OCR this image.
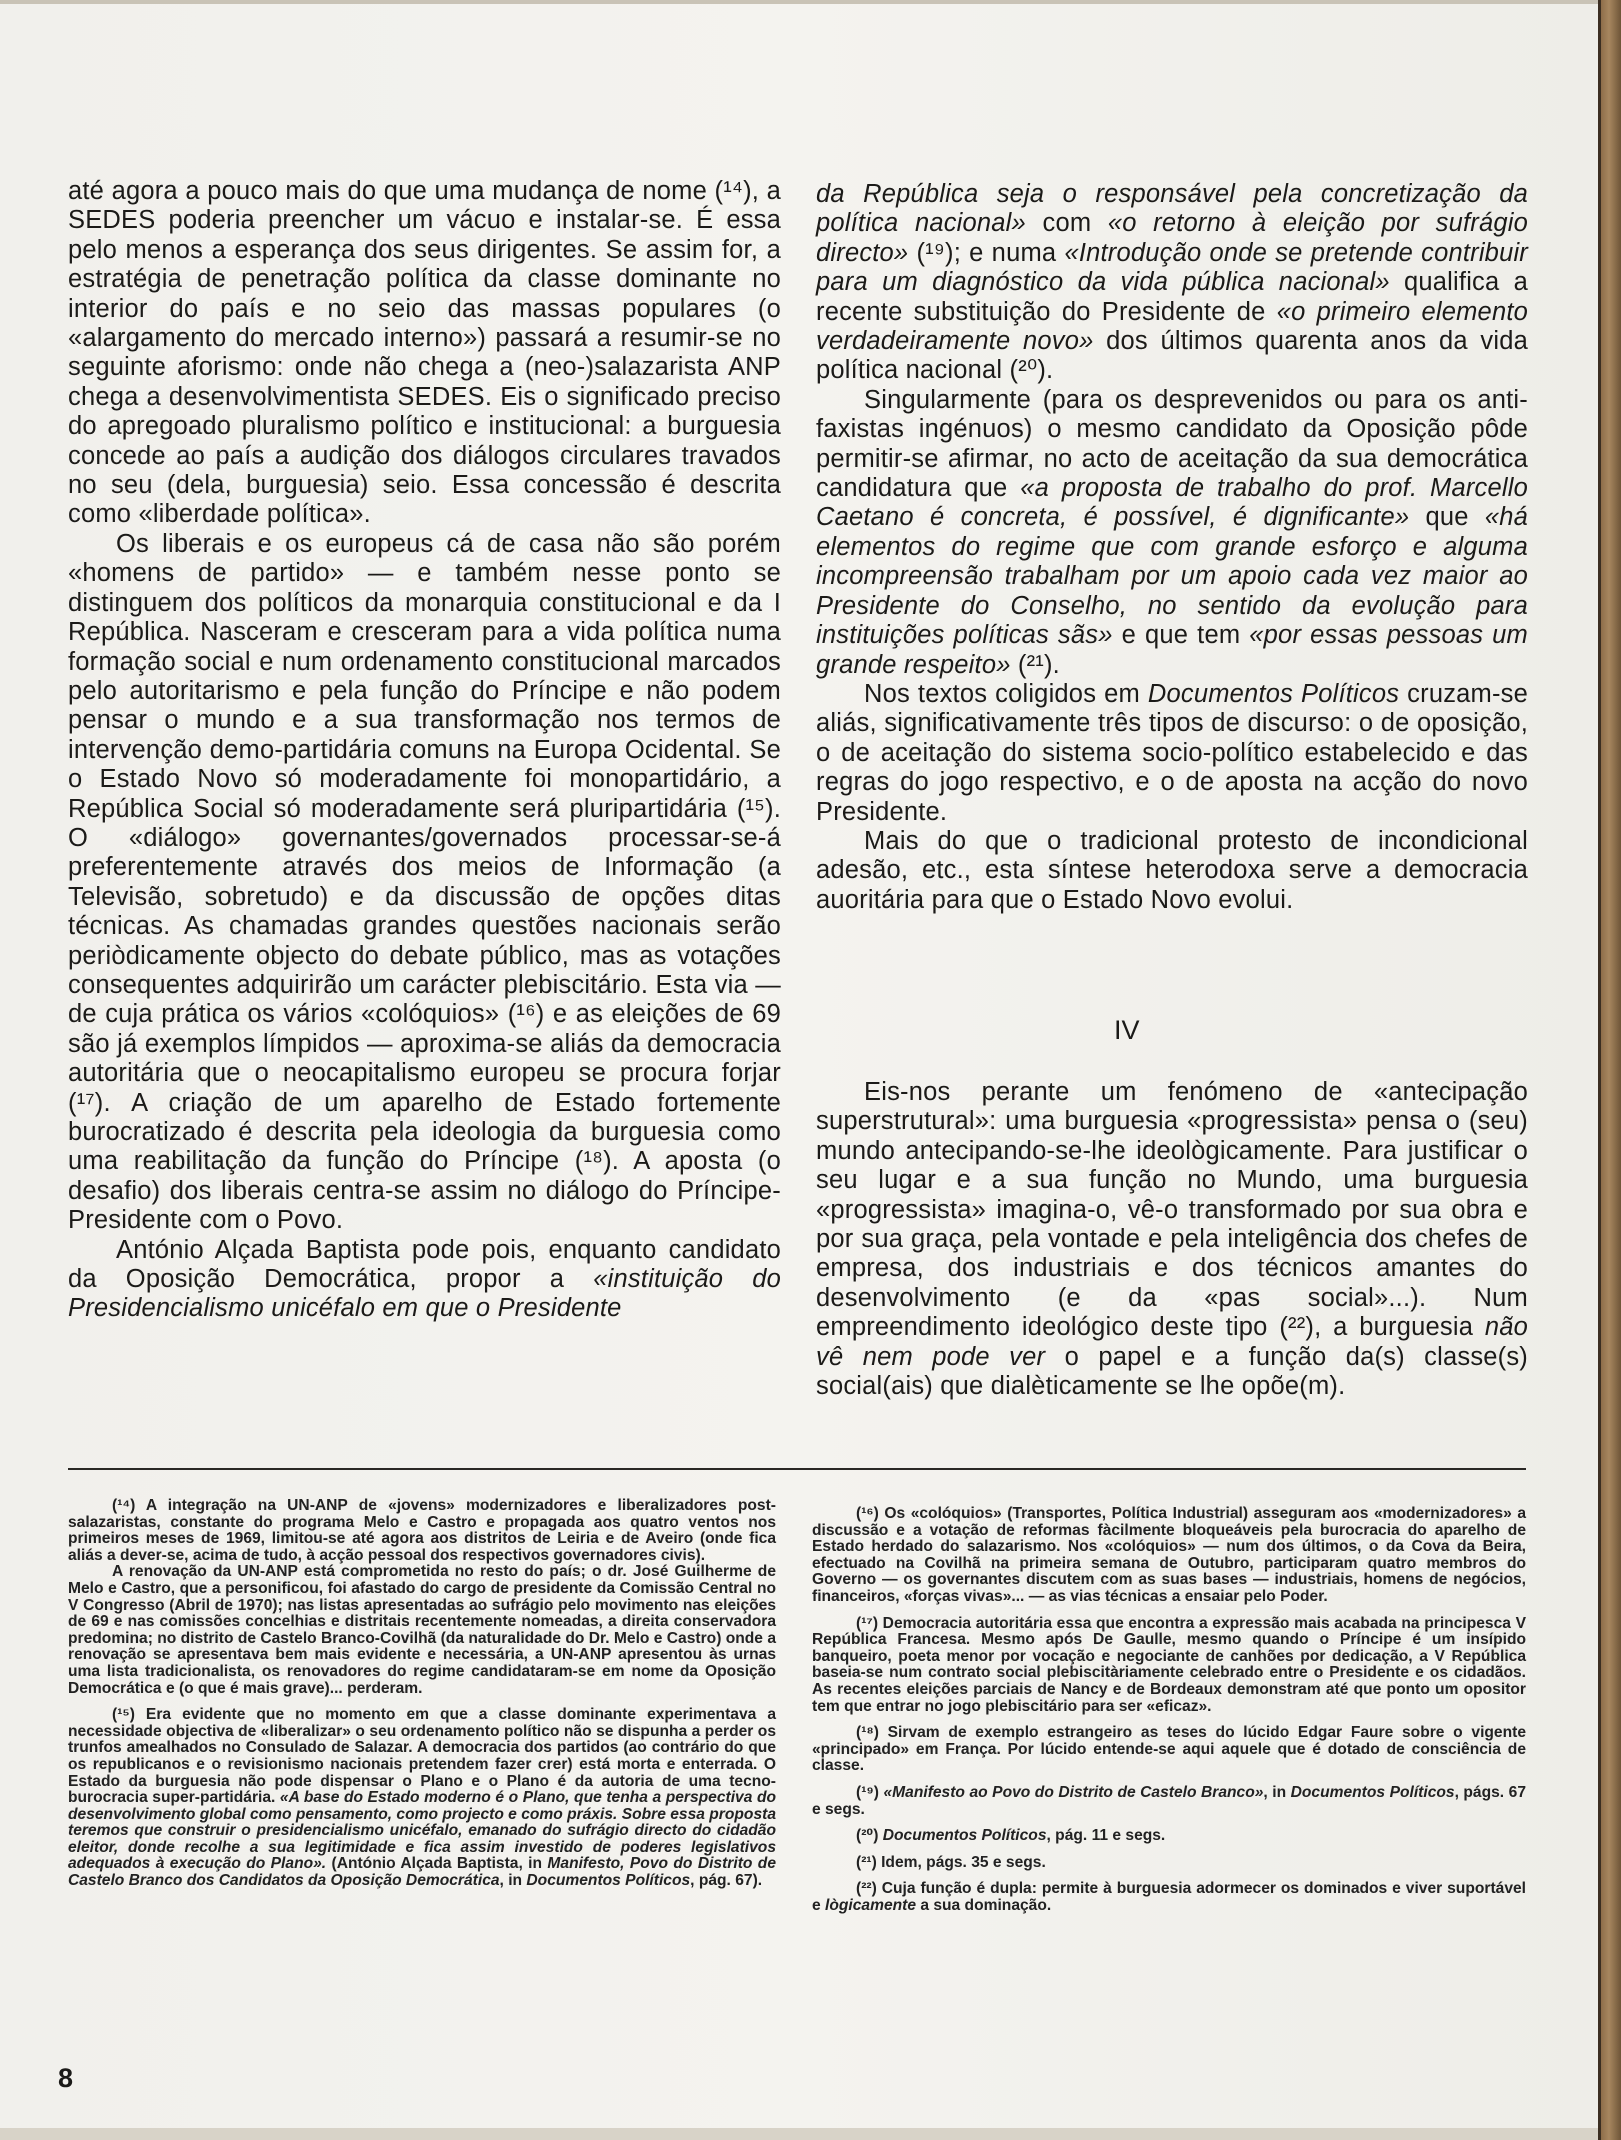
até agora a pouco mais do que uma mudança de nome (¹⁴), a SEDES poderia preencher um vácuo e instalar-se. É essa pelo menos a esperança dos seus dirigentes. Se assim for, a estratégia de penetração política da classe dominante no interior do país e no seio das massas populares (o «alargamento do mercado interno») passará a resumir-se no seguinte aforismo: onde não chega a (neo-)salazarista ANP chega a desenvolvimentista SEDES. Eis o significado preciso do apregoado pluralismo político e institucional: a burguesia concede ao país a audição dos diálogos circulares travados no seu (dela, burguesia) seio. Essa concessão é descrita como «liberdade política».

Os liberais e os europeus cá de casa não são porém «homens de partido» — e também nesse ponto se distinguem dos políticos da monarquia constitucional e da I República. Nasceram e cresceram para a vida política numa formação social e num ordenamento constitucional marcados pelo autoritarismo e pela função do Príncipe e não podem pensar o mundo e a sua transformação nos termos de intervenção demo-partidária comuns na Europa Ocidental. Se o Estado Novo só moderadamente foi monopartidário, a República Social só moderadamente será pluripartidária (¹⁵). O «diálogo» governantes/governados processar-se-á preferentemente através dos meios de Informação (a Televisão, sobretudo) e da discussão de opções ditas técnicas. As chamadas grandes questões nacionais serão periòdicamente objecto do debate público, mas as votações consequentes adquirirão um carácter plebiscitário. Esta via — de cuja prática os vários «colóquios» (¹⁶) e as eleições de 69 são já exemplos límpidos — aproxima-se aliás da democracia autoritária que o neocapitalismo europeu se procura forjar (¹⁷). A criação de um aparelho de Estado fortemente burocratizado é descrita pela ideologia da burguesia como uma reabilitação da função do Príncipe (¹⁸). A aposta (o desafio) dos liberais centra-se assim no diálogo do Príncipe-Presidente com o Povo.

António Alçada Baptista pode pois, enquanto candidato da Oposição Democrática, propor a «instituição do Presidencialismo unicéfalo em que o Presidente

da República seja o responsável pela concretização da política nacional» com «o retorno à eleição por sufrágio directo» (¹⁹); e numa «Introdução onde se pretende contribuir para um diagnóstico da vida pública nacional» qualifica a recente substituição do Presidente de «o primeiro elemento verdadeiramente novo» dos últimos quarenta anos da vida política nacional (²⁰).

Singularmente (para os desprevenidos ou para os anti-faxistas ingénuos) o mesmo candidato da Oposição pôde permitir-se afirmar, no acto de aceitação da sua democrática candidatura que «a proposta de trabalho do prof. Marcello Caetano é concreta, é possível, é dignificante» que «há elementos do regime que com grande esforço e alguma incompreensão trabalham por um apoio cada vez maior ao Presidente do Conselho, no sentido da evolução para instituições políticas sãs» e que tem «por essas pessoas um grande respeito» (²¹).

Nos textos coligidos em Documentos Políticos cruzam-se aliás, significativamente três tipos de discurso: o de oposição, o de aceitação do sistema socio-político estabelecido e das regras do jogo respectivo, e o de aposta na acção do novo Presidente.

Mais do que o tradicional protesto de incondicional adesão, etc., esta síntese heterodoxa serve a democracia auoritária para que o Estado Novo evolui.

IV

Eis-nos perante um fenómeno de «antecipação superstrutural»: uma burguesia «progressista» pensa o (seu) mundo antecipando-se-lhe ideològicamente. Para justificar o seu lugar e a sua função no Mundo, uma burguesia «progressista» imagina-o, vê-o transformado por sua obra e por sua graça, pela vontade e pela inteligência dos chefes de empresa, dos industriais e dos técnicos amantes do desenvolvimento (e da «pas social»...). Num empreendimento ideológico deste tipo (²²), a burguesia não vê nem pode ver o papel e a função da(s) classe(s) social(ais) que dialèticamente se lhe opõe(m).

(¹⁴) A integração na UN-ANP de «jovens» modernizadores e liberalizadores post-salazaristas, constante do programa Melo e Castro e propagada aos quatro ventos nos primeiros meses de 1969, limitou-se até agora aos distritos de Leiria e de Aveiro (onde fica aliás a dever-se, acima de tudo, à acção pessoal dos respectivos governadores civis).

A renovação da UN-ANP está comprometida no resto do país; o dr. José Guilherme de Melo e Castro, que a personificou, foi afastado do cargo de presidente da Comissão Central no V Congresso (Abril de 1970); nas listas apresentadas ao sufrágio pelo movimento nas eleições de 69 e nas comissões concelhias e distritais recentemente nomeadas, a direita conservadora predomina; no distrito de Castelo Branco-Covilhã (da naturalidade do Dr. Melo e Castro) onde a renovação se apresentava bem mais evidente e necessária, a UN-ANP apresentou às urnas uma lista tradicionalista, os renovadores do regime candidataram-se em nome da Oposição Democrática e (o que é mais grave)... perderam.

(¹⁵) Era evidente que no momento em que a classe dominante experimentava a necessidade objectiva de «liberalizar» o seu ordenamento político não se dispunha a perder os trunfos amealhados no Consulado de Salazar. A democracia dos partidos (ao contrário do que os republicanos e o revisionismo nacionais pretendem fazer crer) está morta e enterrada. O Estado da burguesia não pode dispensar o Plano e o Plano é da autoria de uma tecno-burocracia super-partidária. «A base do Estado moderno é o Plano, que tenha a perspectiva do desenvolvimento global como pensamento, como projecto e como práxis. Sobre essa proposta teremos que construir o presidencialismo unicéfalo, emanado do sufrágio directo do cidadão eleitor, donde recolhe a sua legitimidade e fica assim investido de poderes legislativos adequados à execução do Plano». (António Alçada Baptista, in Manifesto, Povo do Distrito de Castelo Branco dos Candidatos da Oposição Democrática, in Documentos Políticos, pág. 67).

(¹⁶) Os «colóquios» (Transportes, Política Industrial) asseguram aos «modernizadores» a discussão e a votação de reformas fàcilmente bloqueáveis pela burocracia do aparelho de Estado herdado do salazarismo. Nos «colóquios» — num dos últimos, o da Cova da Beira, efectuado na Covilhã na primeira semana de Outubro, participaram quatro membros do Governo — os governantes discutem com as suas bases — industriais, homens de negócios, financeiros, «forças vivas»... — as vias técnicas a ensaiar pelo Poder.

(¹⁷) Democracia autoritária essa que encontra a expressão mais acabada na principesca V República Francesa. Mesmo após De Gaulle, mesmo quando o Príncipe é um insípido banqueiro, poeta menor por vocação e negociante de canhões por dedicação, a V República baseia-se num contrato social plebiscitàriamente celebrado entre o Presidente e os cidadãos. As recentes eleições parciais de Nancy e de Bordeaux demonstram até que ponto um opositor tem que entrar no jogo plebiscitário para ser «eficaz».

(¹⁸) Sirvam de exemplo estrangeiro as teses do lúcido Edgar Faure sobre o vigente «principado» em França. Por lúcido entende-se aqui aquele que é dotado de consciência de classe.

(¹⁹) «Manifesto ao Povo do Distrito de Castelo Branco», in Documentos Políticos, págs. 67 e segs.

(²⁰) Documentos Políticos, pág. 11 e segs.

(²¹) Idem, págs. 35 e segs.

(²²) Cuja função é dupla: permite à burguesia adormecer os dominados e viver suportável e lògicamente a sua dominação.

8
